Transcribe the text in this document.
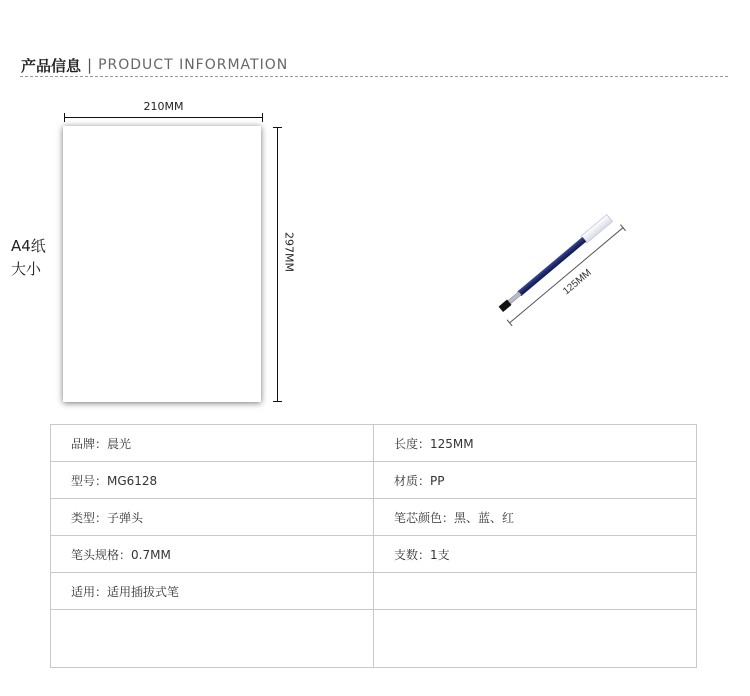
产品信息 | PRODUCT INFORMATION
210MM
297MM
A4纸
大小	125MM
品牌：晨光	长度：125MM
型号：MG6128	材质：PP
类型：子弹头	笔芯颜色：黑、蓝、红
笔头规格：0.7MM	支数：1支
适用：适用插拔式笔	
